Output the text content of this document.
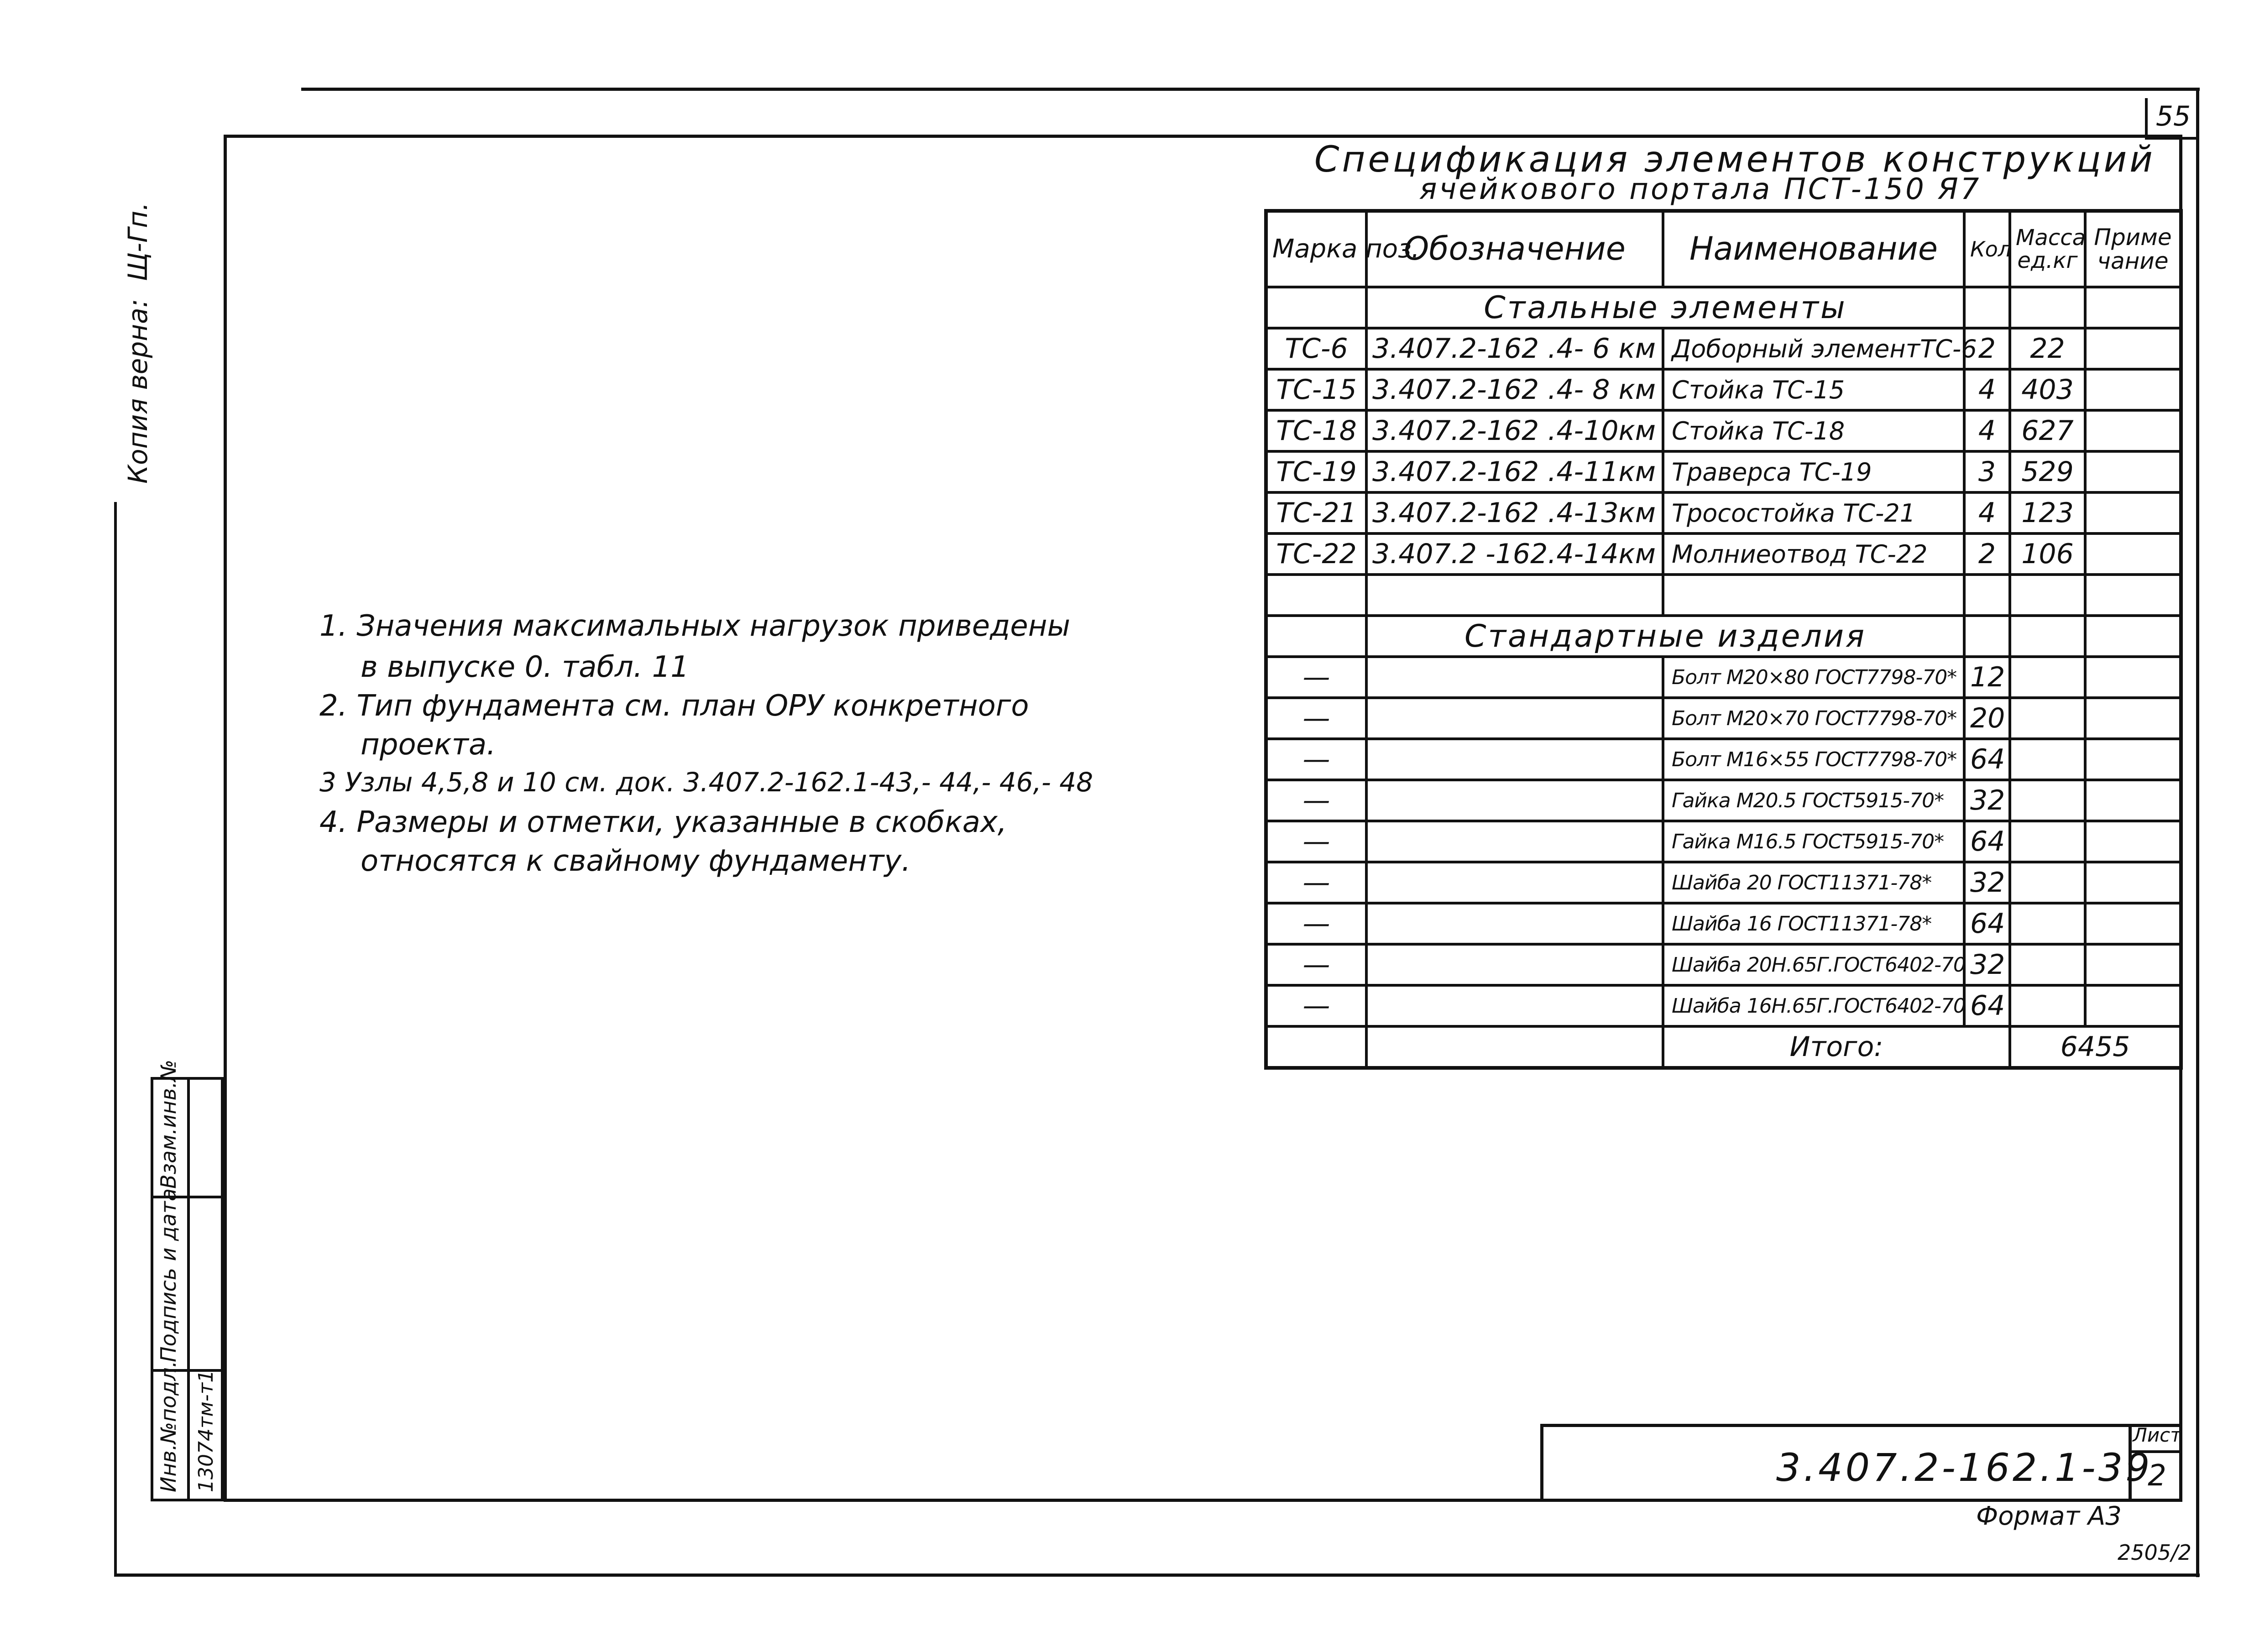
55
Спецификация элементов конструкций
ячейкового портала ПСТ-150 Я7
Марка поз.	Обозначение	Наименование	Кол	Масса ед.кг	Приме чание
	Стальные элементы				
ТС-6	3.407.2-162 .4- 6 км	Доборный элементТС-6	2	22	
ТС-15	3.407.2-162 .4- 8 км	Стойка ТС-15	4	403	
ТС-18	3.407.2-162 .4-10км	Стойка ТС-18	4	627	
ТС-19	3.407.2-162 .4-11км	Траверса ТС-19	3	529	
ТС-21	3.407.2-162 .4-13км	Тросостойка ТС-21	4	123	
ТС-22	3.407.2 -162.4-14км	Молниеотвод ТС-22	2	106	

	Стандартные изделия				
—		Болт М20×80 ГОСТ7798-70*	12		
—		Болт М20×70 ГОСТ7798-70*	20		
—		Болт М16×55 ГОСТ7798-70*	64		
—		Гайка М20.5 ГОСТ5915-70*	32		
—		Гайка М16.5 ГОСТ5915-70*	64		
—		Шайба 20 ГОСТ11371-78*	32		
—		Шайба 16 ГОСТ11371-78*	64		
—		Шайба 20Н.65Г.ГОСТ6402-70	32		
—		Шайба 16Н.65Г.ГОСТ6402-70	64		
		Итого:		6455	
1. Значения максимальных нагрузок приведены
в выпуске 0. табл. 11
2. Тип фундамента см. план ОРУ конкретного
проекта.
3 Узлы 4,5,8 и 10 см. док. 3.407.2-162.1-43,- 44,- 46,- 48
4. Размеры и отметки, указанные в скобках,
относятся к свайному фундаменту.
Копия верна: Щ-Гп.
Взам.инв.№
Подпись и дата
Инв.№подл. 13074тм-т1	3.407.2-162.1-39
Лист
2
Формат А3
2505/2
